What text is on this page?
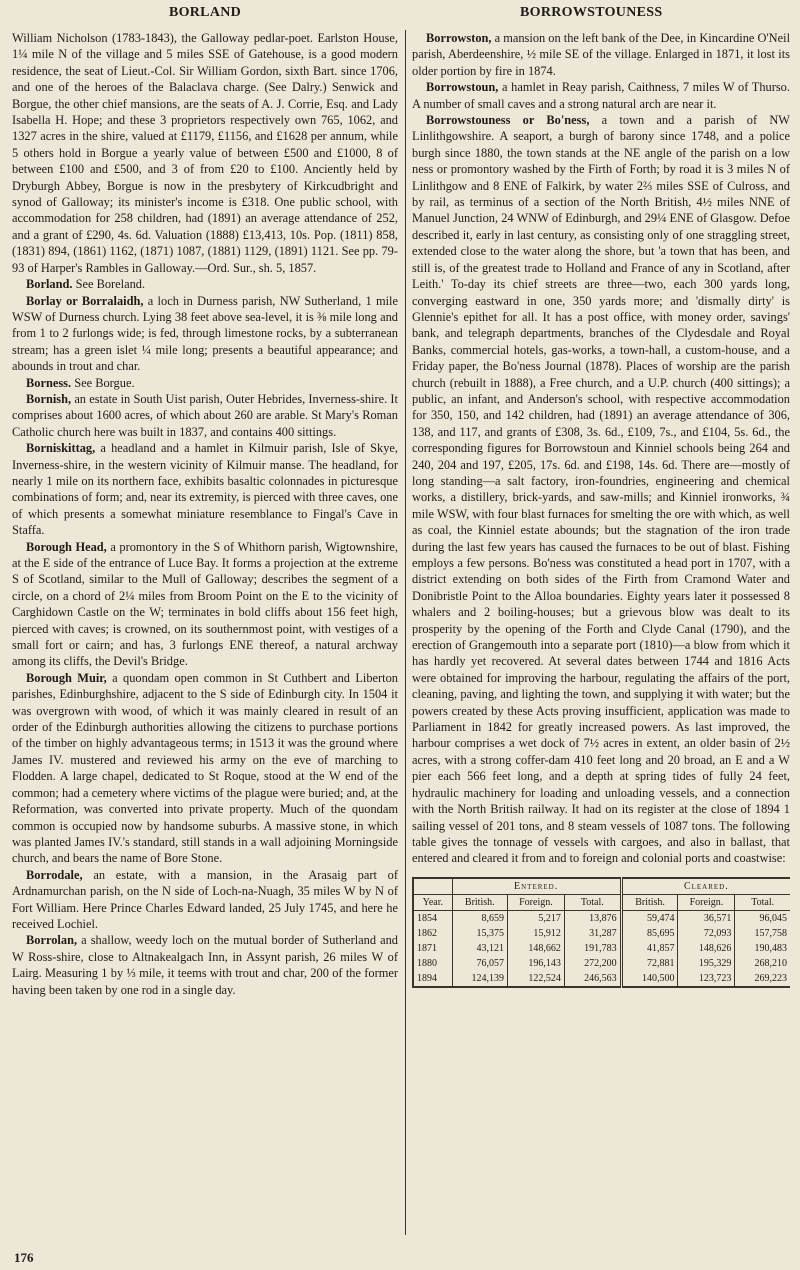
BORLAND	BORROWSTOUNESS

William Nicholson (1783-1843), the Galloway pedlar-poet. Earlston House, 1¼ mile N of the village and 5 miles SSE of Gatehouse, is a good modern residence, the seat of Lieut.-Col. Sir William Gordon, sixth Bart. since 1706, and one of the heroes of the Balaclava charge. (See Dalry.) Senwick and Borgue, the other chief mansions, are the seats of A. J. Corrie, Esq. and Lady Isabella H. Hope; and these 3 proprietors respectively own 765, 1062, and 1327 acres in the shire, valued at £1179, £1156, and £1628 per annum, while 5 others hold in Borgue a yearly value of between £500 and £1000, 8 of between £100 and £500, and 3 of from £20 to £100. Anciently held by Dryburgh Abbey, Borgue is now in the presbytery of Kirkcudbright and synod of Galloway; its minister's income is £318. One public school, with accommodation for 258 children, had (1891) an average attendance of 252, and a grant of £290, 4s. 6d. Valuation (1888) £13,413, 10s. Pop. (1811) 858, (1831) 894, (1861) 1162, (1871) 1087, (1881) 1129, (1891) 1121. See pp. 79-93 of Harper's Rambles in Galloway.—Ord. Sur., sh. 5, 1857.

Borland. See Boreland.

Borlay or Borralaidh, a loch in Durness parish, NW Sutherland, 1 mile WSW of Durness church. Lying 38 feet above sea-level, it is ⅜ mile long and from 1 to 2 furlongs wide; is fed, through limestone rocks, by a subterranean stream; has a green islet ¼ mile long; presents a beautiful appearance; and abounds in trout and char.

Borness. See Borgue.

Bornish, an estate in South Uist parish, Outer Hebrides, Inverness-shire. It comprises about 1600 acres, of which about 260 are arable. St Mary's Roman Catholic church here was built in 1837, and contains 400 sittings.

Borniskittag, a headland and a hamlet in Kilmuir parish, Isle of Skye, Inverness-shire, in the western vicinity of Kilmuir manse. The headland, for nearly 1 mile on its northern face, exhibits basaltic colonnades in picturesque combinations of form; and, near its extremity, is pierced with three caves, one of which presents a somewhat miniature resemblance to Fingal's Cave in Staffa.

Borough Head, a promontory in the S of Whithorn parish, Wigtownshire, at the E side of the entrance of Luce Bay. It forms a projection at the extreme S of Scotland, similar to the Mull of Galloway; describes the segment of a circle, on a chord of 2¼ miles from Broom Point on the E to the vicinity of Carghidown Castle on the W; terminates in bold cliffs about 156 feet high, pierced with caves; is crowned, on its southernmost point, with vestiges of a small fort or cairn; and has, 3 furlongs ENE thereof, a natural archway among its cliffs, the Devil's Bridge.

Borough Muir, a quondam open common in St Cuthbert and Liberton parishes, Edinburghshire, adjacent to the S side of Edinburgh city. In 1504 it was overgrown with wood, of which it was mainly cleared in result of an order of the Edinburgh authorities allowing the citizens to purchase portions of the timber on highly advantageous terms; in 1513 it was the ground where James IV. mustered and reviewed his army on the eve of marching to Flodden. A large chapel, dedicated to St Roque, stood at the W end of the common; had a cemetery where victims of the plague were buried; and, at the Reformation, was converted into private property. Much of the quondam common is occupied now by handsome suburbs. A massive stone, in which was planted James IV.'s standard, still stands in a wall adjoining Morningside church, and bears the name of Bore Stone.

Borrodale, an estate, with a mansion, in the Arasaig part of Ardnamurchan parish, on the N side of Loch-na-Nuagh, 35 miles W by N of Fort William. Here Prince Charles Edward landed, 25 July 1745, and here he received Lochiel.

Borrolan, a shallow, weedy loch on the mutual border of Sutherland and W Ross-shire, close to Altnakealgach Inn, in Assynt parish, 26 miles W of Lairg. Measuring 1 by ⅓ mile, it teems with trout and char, 200 of the former having been taken by one rod in a single day.

Borrowston, a mansion on the left bank of the Dee, in Kincardine O'Neil parish, Aberdeenshire, ½ mile SE of the village. Enlarged in 1871, it lost its older portion by fire in 1874.

Borrowstoun, a hamlet in Reay parish, Caithness, 7 miles W of Thurso. A number of small caves and a strong natural arch are near it.

Borrowstouness or Bo'ness, a town and a parish of NW Linlithgowshire. A seaport, a burgh of barony since 1748, and a police burgh since 1880, the town stands at the NE angle of the parish on a low ness or promontory washed by the Firth of Forth; by road it is 3 miles N of Linlithgow and 8 ENE of Falkirk, by water 2⅔ miles SSE of Culross, and by rail, as terminus of a section of the North British, 4½ miles NNE of Manuel Junction, 24 WNW of Edinburgh, and 29¼ ENE of Glasgow. Defoe described it, early in last century, as consisting only of one straggling street, extended close to the water along the shore, but 'a town that has been, and still is, of the greatest trade to Holland and France of any in Scotland, after Leith.' To-day its chief streets are three—two, each 300 yards long, converging eastward in one, 350 yards more; and 'dismally dirty' is Glennie's epithet for all. It has a post office, with money order, savings' bank, and telegraph departments, branches of the Clydesdale and Royal Banks, commercial hotels, gas-works, a town-hall, a custom-house, and a Friday paper, the Bo'ness Journal (1878). Places of worship are the parish church (rebuilt in 1888), a Free church, and a U.P. church (400 sittings); a public, an infant, and Anderson's school, with respective accommodation for 350, 150, and 142 children, had (1891) an average attendance of 306, 138, and 117, and grants of £308, 3s. 6d., £109, 7s., and £104, 5s. 6d., the corresponding figures for Borrowstoun and Kinniel schools being 264 and 240, 204 and 197, £205, 17s. 6d. and £198, 14s. 6d. There are—mostly of long standing—a salt factory, iron-foundries, engineering and chemical works, a distillery, brick-yards, and saw-mills; and Kinniel ironworks, ¾ mile WSW, with four blast furnaces for smelting the ore with which, as well as coal, the Kinniel estate abounds; but the stagnation of the iron trade during the last few years has caused the furnaces to be out of blast. Fishing employs a few persons. Bo'ness was constituted a head port in 1707, with a district extending on both sides of the Firth from Cramond Water and Donibristle Point to the Alloa boundaries. Eighty years later it possessed 8 whalers and 2 boiling-houses; but a grievous blow was dealt to its prosperity by the opening of the Forth and Clyde Canal (1790), and the erection of Grangemouth into a separate port (1810)—a blow from which it has hardly yet recovered. At several dates between 1744 and 1816 Acts were obtained for improving the harbour, regulating the affairs of the port, cleaning, paving, and lighting the town, and supplying it with water; but the powers created by these Acts proving insufficient, application was made to Parliament in 1842 for greatly increased powers. As last improved, the harbour comprises a wet dock of 7½ acres in extent, an older basin of 2½ acres, with a strong coffer-dam 410 feet long and 20 broad, an E and a W pier each 566 feet long, and a depth at spring tides of fully 24 feet, hydraulic machinery for loading and unloading vessels, and a connection with the North British railway. It had on its register at the close of 1894 1 sailing vessel of 201 tons, and 8 steam vessels of 1087 tons. The following table gives the tonnage of vessels with cargoes, and also in ballast, that entered and cleared it from and to foreign and colonial ports and coastwise:

	Entered.			Cleared.		
Year.	British.	Foreign.	Total.	British.	Foreign.	Total.
1854	8,659	5,217	13,876	59,474	36,571	96,045
1862	15,375	15,912	31,287	85,695	72,093	157,758
1871	43,121	148,662	191,783	41,857	148,626	190,483
1880	76,057	196,143	272,200	72,881	195,329	268,210
1894	124,139	122,524	246,563	140,500	123,723	269,223
176
